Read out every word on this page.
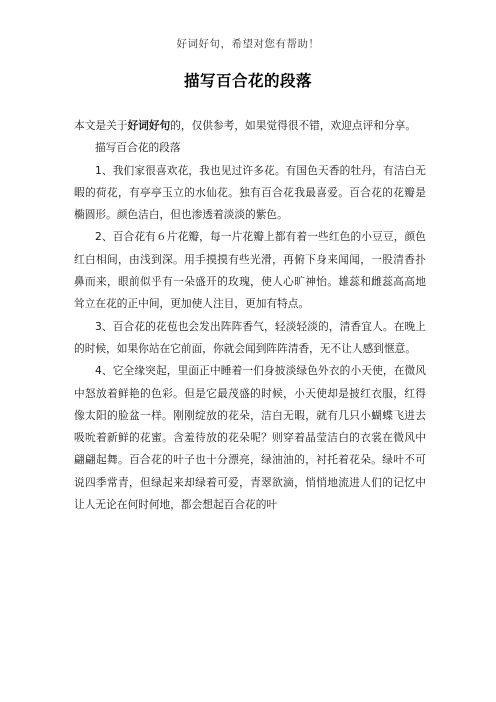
好词好句，希望对您有帮助！
描写百合花的段落

本文是关于好词好句的，仅供参考，如果觉得很不错，欢迎点评和分享。

描写百合花的段落

1、我们家很喜欢花，我也见过许多花。有国色天香的牡丹，有洁白无暇的荷花，有亭亭玉立的水仙花。独有百合花我最喜爱。百合花的花瓣是椭圆形。颜色洁白，但也渗透着淡淡的紫色。

2、百合花有６片花瓣，每一片花瓣上都有着一些红色的小豆豆，颜色红白相间，由浅到深。用手摸摸有些光滑，再俯下身来闻闻，一股清香扑鼻而来，眼前似乎有一朵盛开的玫瑰，使人心旷神怡。雄蕊和雌蕊高高地耸立在花的正中间，更加使人注目，更加有特点。

3、百合花的花苞也会发出阵阵香气，轻淡轻淡的，清香宜人。在晚上的时候，如果你站在它前面，你就会闻到阵阵清香，无不让人感到惬意。

4、它全缘突起，里面正中睡着一们身披淡绿色外衣的小天使，在微风中怒放着鲜艳的色彩。但是它最茂盛的时候，小天使却是披红衣服，红得像太阳的脸盆一样。刚刚绽放的花朵，洁白无暇，就有几只小蝴蝶飞进去吸吮着新鲜的花蜜。含羞待放的花朵呢？则穿着晶莹洁白的衣裳在微风中翩翩起舞。百合花的叶子也十分漂亮，绿油油的，衬托着花朵。绿叶不可说四季常青，但绿起来却绿着可爱，青翠欲滴，悄悄地流进人们的记忆中让人无论在何时何地，都会想起百合花的叶
